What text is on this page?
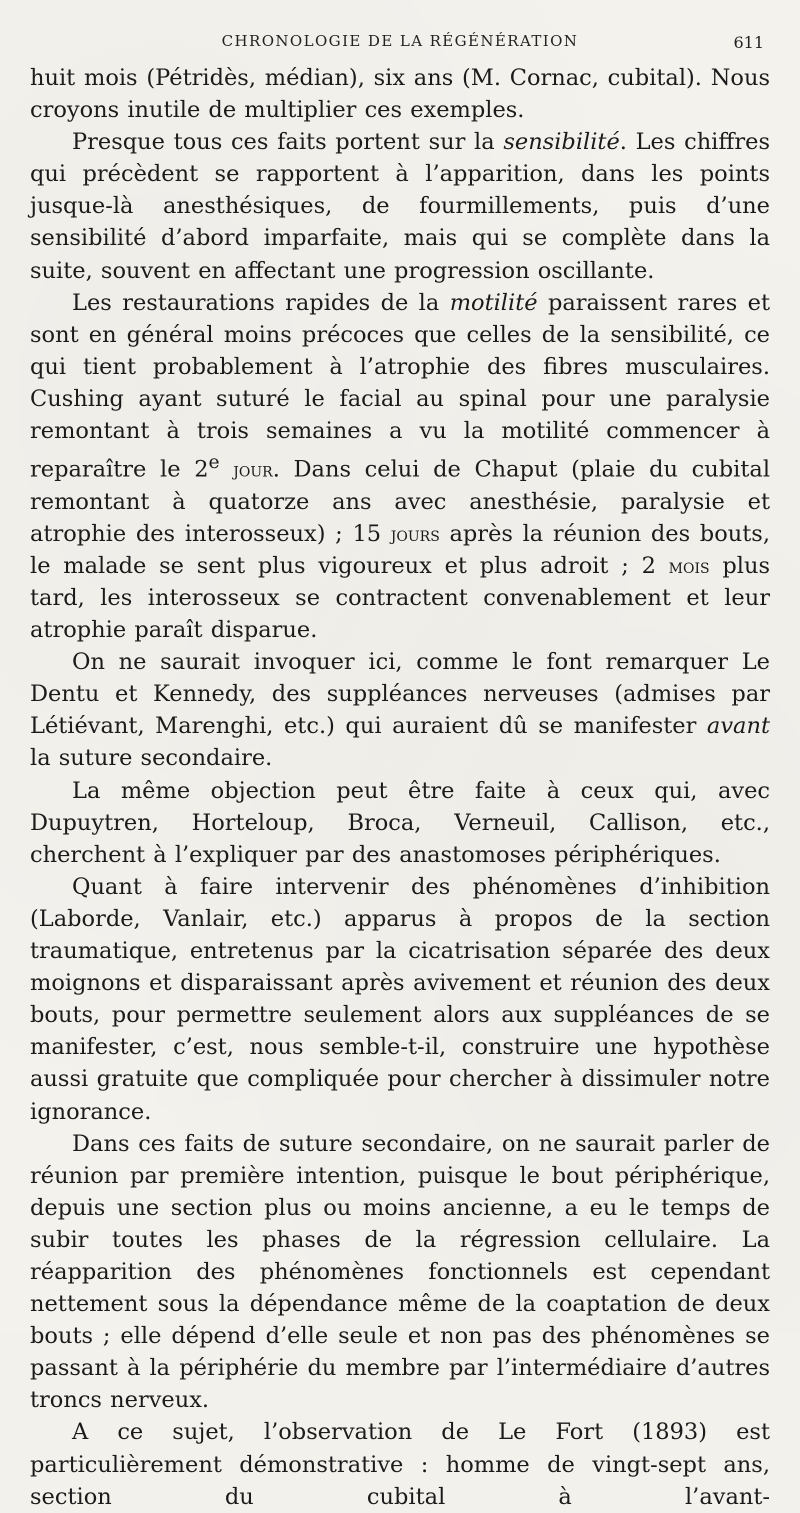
CHRONOLOGIE DE LA RÉGÉNÉRATION	611

huit mois (Pétridès, médian), six ans (M. Cornac, cubital). Nous croyons inutile de multiplier ces exemples.

Presque tous ces faits portent sur la sensibilité. Les chiffres qui précèdent se rapportent à l’apparition, dans les points jusque-là anesthésiques, de fourmillements, puis d’une sensibilité d’abord imparfaite, mais qui se complète dans la suite, souvent en affectant une progression oscillante.

Les restaurations rapides de la motilité paraissent rares et sont en général moins précoces que celles de la sensibilité, ce qui tient probablement à l’atrophie des fibres musculaires. Cushing ayant suturé le facial au spinal pour une paralysie remontant à trois semaines a vu la motilité commencer à reparaître le 2e jour. Dans celui de Chaput (plaie du cubital remontant à quatorze ans avec anesthésie, paralysie et atrophie des interosseux) ; 15 jours après la réunion des bouts, le malade se sent plus vigoureux et plus adroit ; 2 mois plus tard, les interosseux se contractent convenablement et leur atrophie paraît disparue.

On ne saurait invoquer ici, comme le font remarquer Le Dentu et Kennedy, des suppléances nerveuses (admises par Létiévant, Marenghi, etc.) qui auraient dû se manifester avant la suture secondaire.

La même objection peut être faite à ceux qui, avec Dupuytren, Horteloup, Broca, Verneuil, Callison, etc., cherchent à l’expliquer par des anastomoses périphériques.

Quant à faire intervenir des phénomènes d’inhibition (Laborde, Vanlair, etc.) apparus à propos de la section traumatique, entretenus par la cicatrisation séparée des deux moignons et disparaissant après avivement et réunion des deux bouts, pour permettre seulement alors aux suppléances de se manifester, c’est, nous semble-t-il, construire une hypothèse aussi gratuite que compliquée pour chercher à dissimuler notre ignorance.

Dans ces faits de suture secondaire, on ne saurait parler de réunion par première intention, puisque le bout périphérique, depuis une section plus ou moins ancienne, a eu le temps de subir toutes les phases de la régression cellulaire. La réapparition des phénomènes fonctionnels est cependant nettement sous la dépendance même de la coaptation de deux bouts ; elle dépend d’elle seule et non pas des phénomènes se passant à la périphérie du membre par l’intermédiaire d’autres troncs nerveux.

A ce sujet, l’observation de Le Fort (1893) est particulièrement démonstrative : homme de vingt-sept ans, section du cubital à l’avant-
